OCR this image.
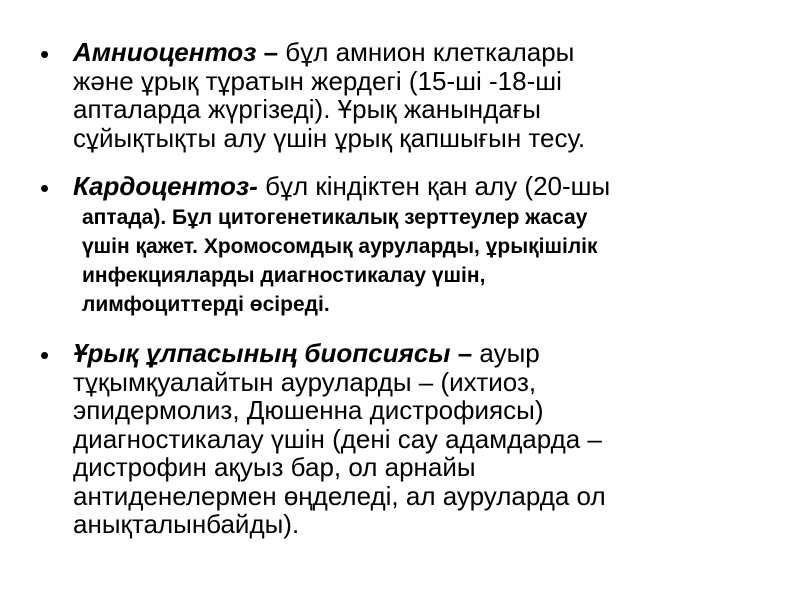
• Амниоцентоз – бұл амнион клеткалары
және ұрық тұратын жердегі (15-ші -18-ші
апталарда жүргізеді). Ұрық жанындағы
сұйықтықты алу үшін ұрық қапшығын тесу.
• Кардоцентоз- бұл кіндіктен қан алу (20-шы
аптада). Бұл цитогенетикалық зерттеулер жасау
үшін қажет. Хромосомдық ауруларды, ұрықішілік
инфекцияларды диагностикалау үшін,
лимфоциттерді өсіреді.
• Ұрық ұлпасының биопсиясы – ауыр
тұқымқуалайтын ауруларды – (ихтиоз,
эпидермолиз, Дюшенна дистрофиясы)
диагностикалау үшін (дені сау адамдарда –
дистрофин ақуыз бар, ол арнайы
антиденелермен өңделеді, ал ауруларда ол
анықталынбайды).
